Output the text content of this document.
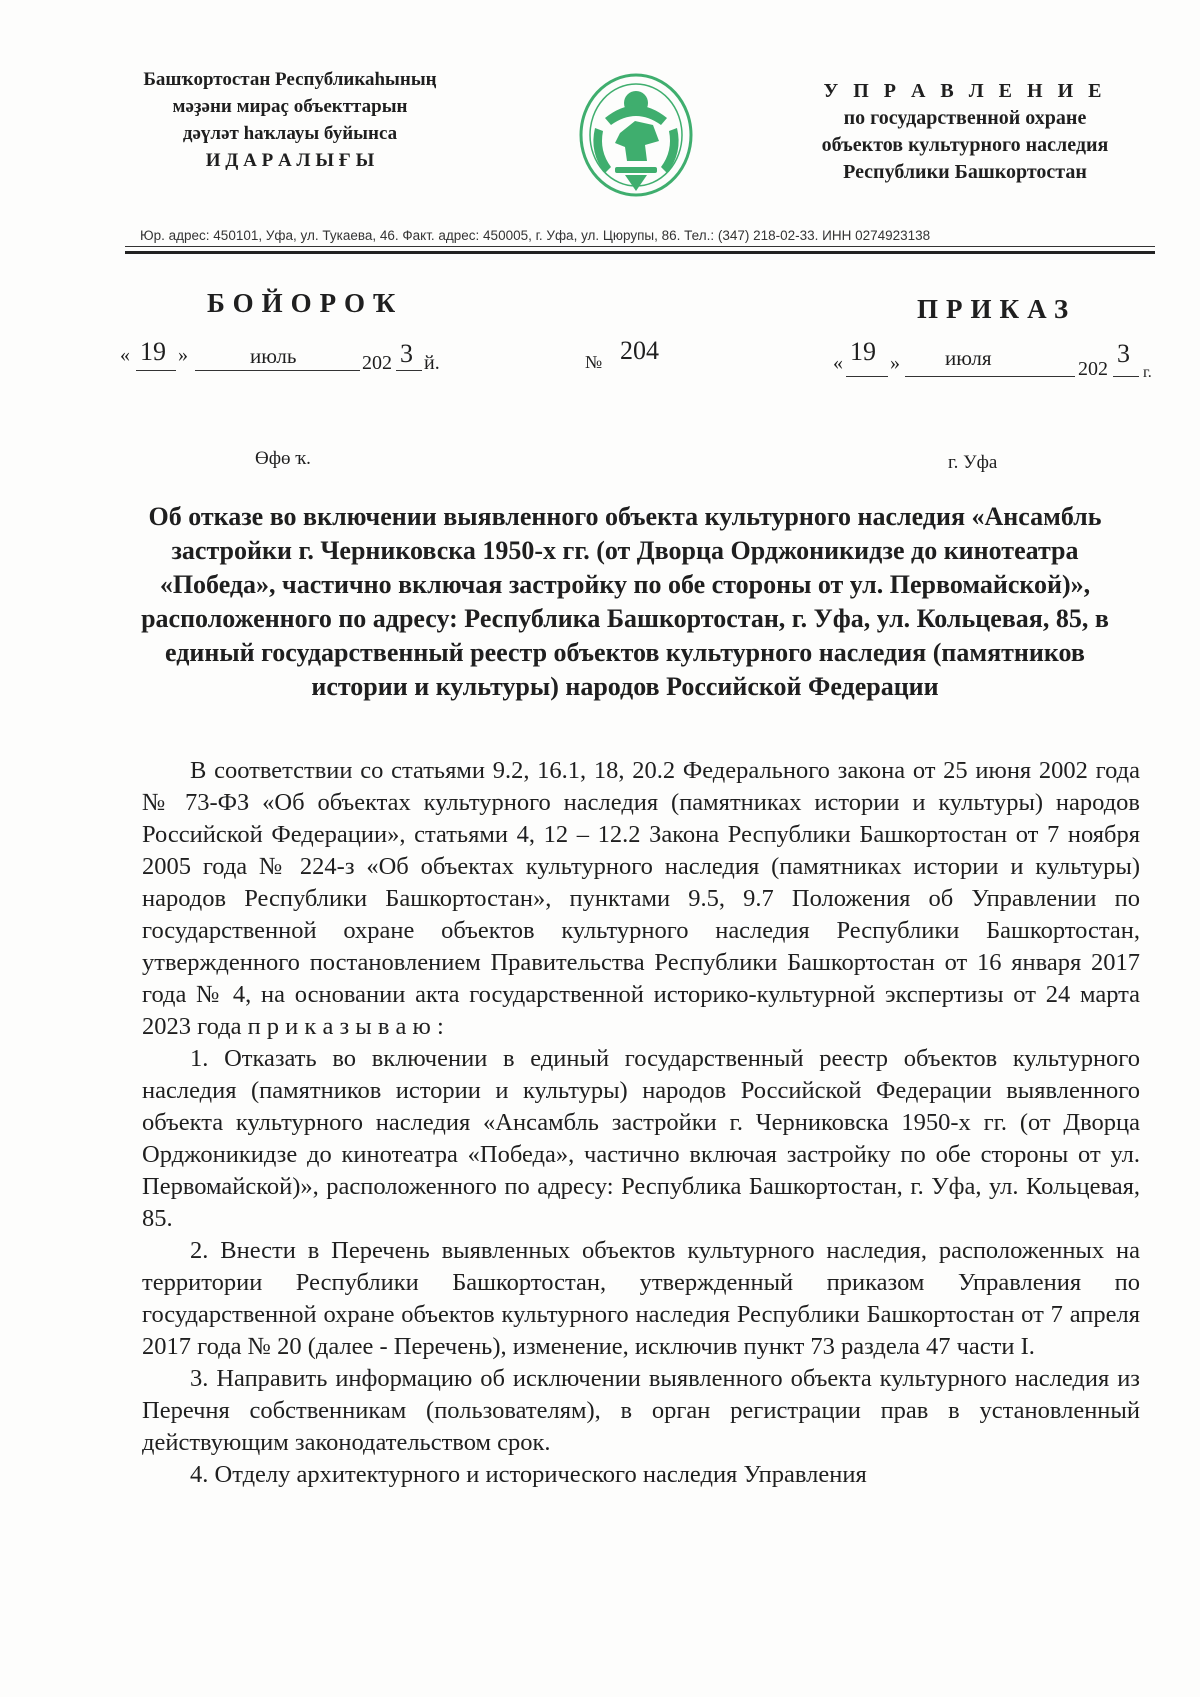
Башҡортостан Республикаһының
мәҙәни мираҫ объекттарын
дәүләт һаҡлауы буйынса
И Д А Р А Л Ы Ғ Ы
У П Р А В Л Е Н И Е
по государственной охране
объектов культурного наследия
Республики Башкортостан
Юр. адрес: 450101, Уфа, ул. Тукаева, 46. Факт. адрес: 450005, г. Уфа, ул. Цюрупы, 86. Тел.: (347) 218-02-33. ИНН 0274923138
БОЙОРОҠ	ПРИКАЗ
« 19 »	июль	202 3 й.	№ 204	« 19 » июля	202
3
г.
Өфө ҡ.	г. Уфа
Об отказе во включении выявленного объекта культурного наследия «Ансамбль застройки г. Черниковска 1950-х гг. (от Дворца Орджоникидзе до кинотеатра «Победа», частично включая застройку по обе стороны от ул. Первомайской)», расположенного по адресу: Республика Башкортостан, г. Уфа, ул. Кольцевая, 85, в единый государственный реестр объектов культурного наследия (памятников истории и культуры) народов Российской Федерации

В соответствии со статьями 9.2, 16.1, 18, 20.2 Федерального закона от 25 июня 2002 года № 73-ФЗ «Об объектах культурного наследия (памятниках истории и культуры) народов Российской Федерации», статьями 4, 12 – 12.2 Закона Республики Башкортостан от 7 ноября 2005 года № 224-з «Об объектах культурного наследия (памятниках истории и культуры) народов Республики Башкортостан», пунктами 9.5, 9.7 Положения об Управлении по государственной охране объектов культурного наследия Республики Башкортостан, утвержденного постановлением Правительства Республики Башкортостан от 16 января 2017 года № 4, на основании акта государственной историко-культурной экспертизы от 24 марта 2023 года п р и к а з ы в а ю :

1. Отказать во включении в единый государственный реестр объектов культурного наследия (памятников истории и культуры) народов Российской Федерации выявленного объекта культурного наследия «Ансамбль застройки г. Черниковска 1950-х гг. (от Дворца Орджоникидзе до кинотеатра «Победа», частично включая застройку по обе стороны от ул. Первомайской)», расположенного по адресу: Республика Башкортостан, г. Уфа, ул. Кольцевая, 85.

2. Внести в Перечень выявленных объектов культурного наследия, расположенных на территории Республики Башкортостан, утвержденный приказом Управления по государственной охране объектов культурного наследия Республики Башкортостан от 7 апреля 2017 года № 20 (далее - Перечень), изменение, исключив пункт 73 раздела 47 части I.

3. Направить информацию об исключении выявленного объекта культурного наследия из Перечня собственникам (пользователям), в орган регистрации прав в установленный действующим законодательством срок.

4. Отделу архитектурного и исторического наследия Управления
